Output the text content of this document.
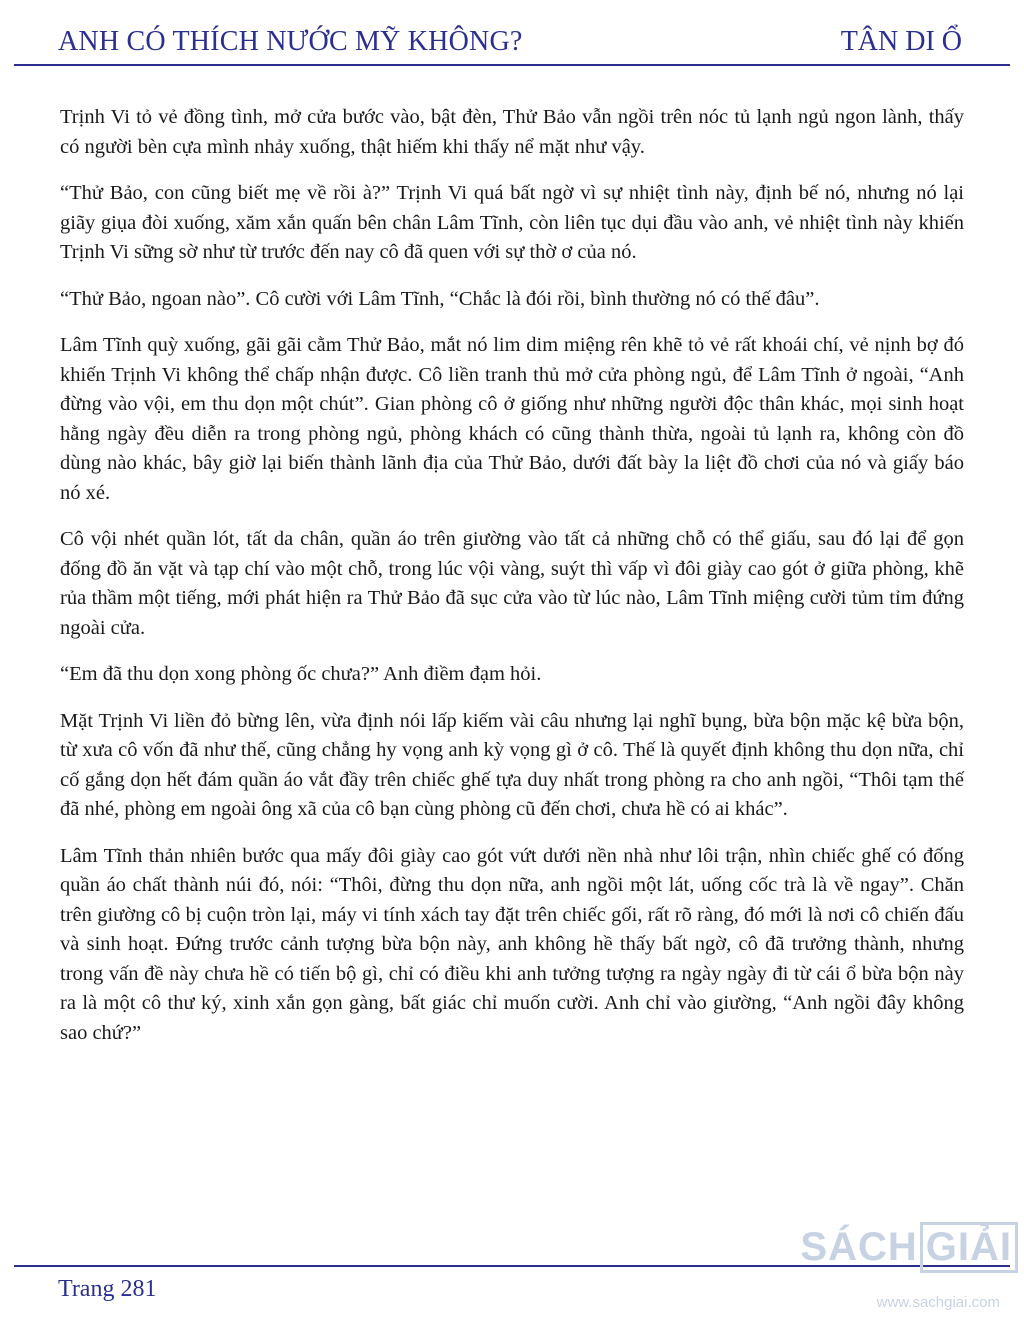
ANH CÓ THÍCH NƯỚC MỸ KHÔNG?	TÂN DI Ổ

Trịnh Vi tỏ vẻ đồng tình, mở cửa bước vào, bật đèn, Thử Bảo vẫn ngồi trên nóc tủ lạnh ngủ ngon lành, thấy có người bèn cựa mình nhảy xuống, thật hiếm khi thấy nể mặt như vậy.

“Thử Bảo, con cũng biết mẹ về rồi à?” Trịnh Vi quá bất ngờ vì sự nhiệt tình này, định bế nó, nhưng nó lại giãy giụa đòi xuống, xăm xắn quấn bên chân Lâm Tĩnh, còn liên tục dụi đầu vào anh, vẻ nhiệt tình này khiến Trịnh Vi sững sờ như từ trước đến nay cô đã quen với sự thờ ơ của nó.

“Thử Bảo, ngoan nào”. Cô cười với Lâm Tĩnh, “Chắc là đói rồi, bình thường nó có thế đâu”.

Lâm Tĩnh quỳ xuống, gãi gãi cằm Thử Bảo, mắt nó lim dim miệng rên khẽ tỏ vẻ rất khoái chí, vẻ nịnh bợ đó khiến Trịnh Vi không thể chấp nhận được. Cô liền tranh thủ mở cửa phòng ngủ, để Lâm Tĩnh ở ngoài, “Anh đừng vào vội, em thu dọn một chút”. Gian phòng cô ở giống như những người độc thân khác, mọi sinh hoạt hằng ngày đều diễn ra trong phòng ngủ, phòng khách có cũng thành thừa, ngoài tủ lạnh ra, không còn đồ dùng nào khác, bây giờ lại biến thành lãnh địa của Thử Bảo, dưới đất bày la liệt đồ chơi của nó và giấy báo nó xé.

Cô vội nhét quần lót, tất da chân, quần áo trên giường vào tất cả những chỗ có thể giấu, sau đó lại để gọn đống đồ ăn vặt và tạp chí vào một chỗ, trong lúc vội vàng, suýt thì vấp vì đôi giày cao gót ở giữa phòng, khẽ rủa thầm một tiếng, mới phát hiện ra Thử Bảo đã sục cửa vào từ lúc nào, Lâm Tĩnh miệng cười tủm tỉm đứng ngoài cửa.

“Em đã thu dọn xong phòng ốc chưa?” Anh điềm đạm hỏi.

Mặt Trịnh Vi liền đỏ bừng lên, vừa định nói lấp kiếm vài câu nhưng lại nghĩ bụng, bừa bộn mặc kệ bừa bộn, từ xưa cô vốn đã như thế, cũng chẳng hy vọng anh kỳ vọng gì ở cô. Thế là quyết định không thu dọn nữa, chỉ cố gắng dọn hết đám quần áo vắt đầy trên chiếc ghế tựa duy nhất trong phòng ra cho anh ngồi, “Thôi tạm thế đã nhé, phòng em ngoài ông xã của cô bạn cùng phòng cũ đến chơi, chưa hề có ai khác”.

Lâm Tĩnh thản nhiên bước qua mấy đôi giày cao gót vứt dưới nền nhà như lôi trận, nhìn chiếc ghế có đống quần áo chất thành núi đó, nói: “Thôi, đừng thu dọn nữa, anh ngồi một lát, uống cốc trà là về ngay”. Chăn trên giường cô bị cuộn tròn lại, máy vi tính xách tay đặt trên chiếc gối, rất rõ ràng, đó mới là nơi cô chiến đấu và sinh hoạt. Đứng trước cảnh tượng bừa bộn này, anh không hề thấy bất ngờ, cô đã trưởng thành, nhưng trong vấn đề này chưa hề có tiến bộ gì, chỉ có điều khi anh tưởng tượng ra ngày ngày đi từ cái ổ bừa bộn này ra là một cô thư ký, xinh xắn gọn gàng, bất giác chỉ muốn cười. Anh chỉ vào giường, “Anh ngồi đây không sao chứ?”

Trang 281
SÁCH GIẢI
www.sachgiai.com
